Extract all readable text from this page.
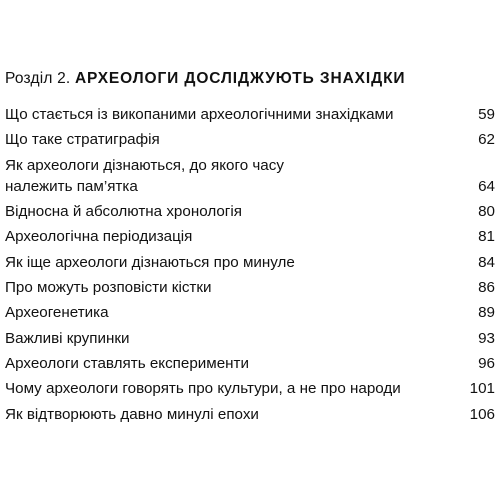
Розділ 2. АРХЕОЛОГИ ДОСЛІДЖУЮТЬ ЗНАХІДКИ
Що стається із викопаними археологічними знахідками	59
Що таке стратиграфія	62
Як археологи дізнаються, до якого часу
належить пам’ятка	64
Відносна й абсолютна хронологія	80
Археологічна періодизація	81
Як іще археологи дізнаються про минуле	84
Про можуть розповісти кістки	86
Археогенетика	89
Важливі крупинки	93
Археологи ставлять експерименти	96
Чому археологи говорять про культури, а не про народи	101
Як відтворюють давно минулі епохи	106
